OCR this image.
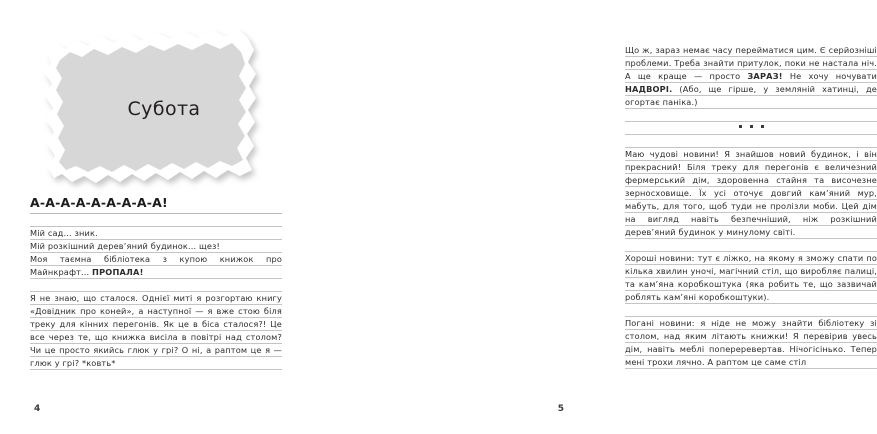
Субота
А-А-А-А-А-А-А-А-А!
Мій сад... зник.
Мій розкішний дерев’яний будинок... щез!
Моя таємна бібліотека з купою книжок про Майнкрафт... ПРОПАЛА!
Я не знаю, що сталося. Однієї миті я розгортаю книгу «Довідник про коней», а наступної — я вже стою біля треку для кінних перегонів. Як це в біса сталося?! Це все через те, що книжка висіла в повітрі над столом? Чи це просто якийсь глюк у грі? О ні, а раптом це я — глюк у грі? *ковть*
4
Що ж, зараз немає часу перейматися цим. Є серйозніші проблеми. Треба знайти притулок, поки не настала ніч. А ще краще — просто ЗАРАЗ! Не хочу ночувати НАДВОРІ. (Або, ще гірше, у земляній хатинці, де огортає паніка.)
Маю чудові новини! Я знайшов новий будинок, і він прекрасний! Біля треку для перегонів є величезний фермерський дім, здоровенна стайня та височезне зерносховище. Їх усі оточує довгий кам’яний мур, мабуть, для того, щоб туди не пролізли моби. Цей дім на вигляд навіть безпечніший, ніж розкішний дерев’яний будинок у минулому світі.
Хороші новини: тут є ліжко, на якому я зможу спати по кілька хвилин уночі, магічний стіл, що виробляє палиці, та кам’яна коробкоштука (яка робить те, що зазвичай роблять кам’яні коробкоштуки).
Погані новини: я ніде не можу знайти бібліотеку зі столом, над яким літають книжки! Я перевірив увесь дім, навіть меблі попереревертав. Нічогісінько. Тепер мені трохи лячно. А раптом це саме стіл
5
